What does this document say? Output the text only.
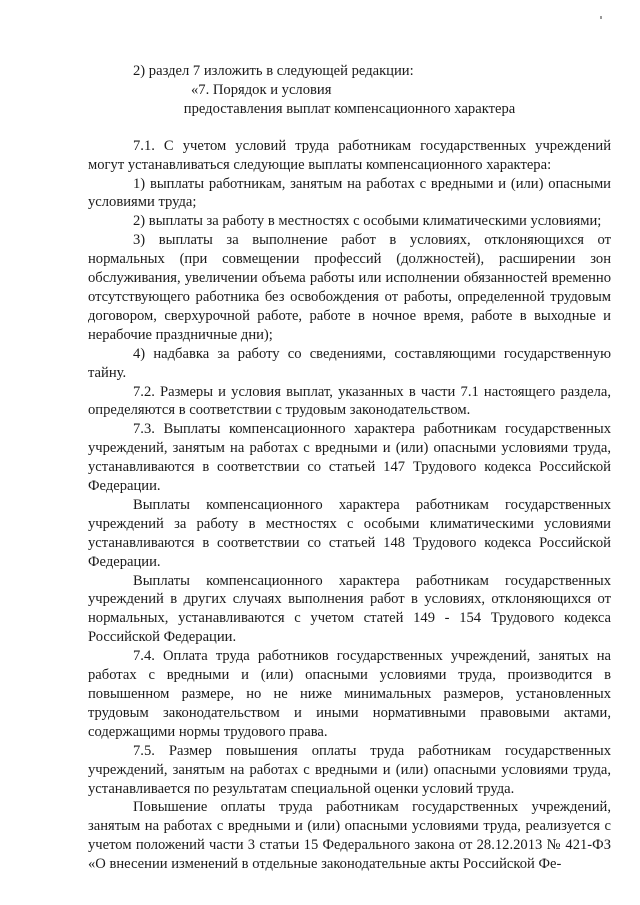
2) раздел 7 изложить в следующей редакции:

«7. Порядок и условия

предоставления выплат компенсационного характера

7.1. С учетом условий труда работникам государственных учреждений могут устанавливаться следующие выплаты компенсационного характера:

1) выплаты работникам, занятым на работах с вредными и (или) опасными условиями труда;

2) выплаты за работу в местностях с особыми климатическими условиями;

3) выплаты за выполнение работ в условиях, отклоняющихся от нормальных (при совмещении профессий (должностей), расширении зон обслуживания, увеличении объема работы или исполнении обязанностей временно отсутствующего работника без освобождения от работы, определенной трудовым договором, сверхурочной работе, работе в ночное время, работе в выходные и нерабочие праздничные дни);

4) надбавка за работу со сведениями, составляющими государственную тайну.

7.2. Размеры и условия выплат, указанных в части 7.1 настоящего раздела, определяются в соответствии с трудовым законодательством.

7.3. Выплаты компенсационного характера работникам государственных учреждений, занятым на работах с вредными и (или) опасными условиями труда, устанавливаются в соответствии со статьей 147 Трудового кодекса Российской Федерации.

Выплаты компенсационного характера работникам государственных учреждений за работу в местностях с особыми климатическими условиями устанавливаются в соответствии со статьей 148 Трудового кодекса Российской Федерации.

Выплаты компенсационного характера работникам государственных учреждений в других случаях выполнения работ в условиях, отклоняющихся от нормальных, устанавливаются с учетом статей 149 - 154 Трудового кодекса Российской Федерации.

7.4. Оплата труда работников государственных учреждений, занятых на работах с вредными и (или) опасными условиями труда, производится в повышенном размере, но не ниже минимальных размеров, установленных трудовым законодательством и иными нормативными правовыми актами, содержащими нормы трудового права.

7.5. Размер повышения оплаты труда работникам государственных учреждений, занятым на работах с вредными и (или) опасными условиями труда, устанавливается по результатам специальной оценки условий труда.

Повышение оплаты труда работникам государственных учреждений, занятым на работах с вредными и (или) опасными условиями труда, реализуется с учетом положений части 3 статьи 15 Федерального закона от 28.12.2013 № 421-ФЗ «О внесении изменений в отдельные законодательные акты Российской Фе-
